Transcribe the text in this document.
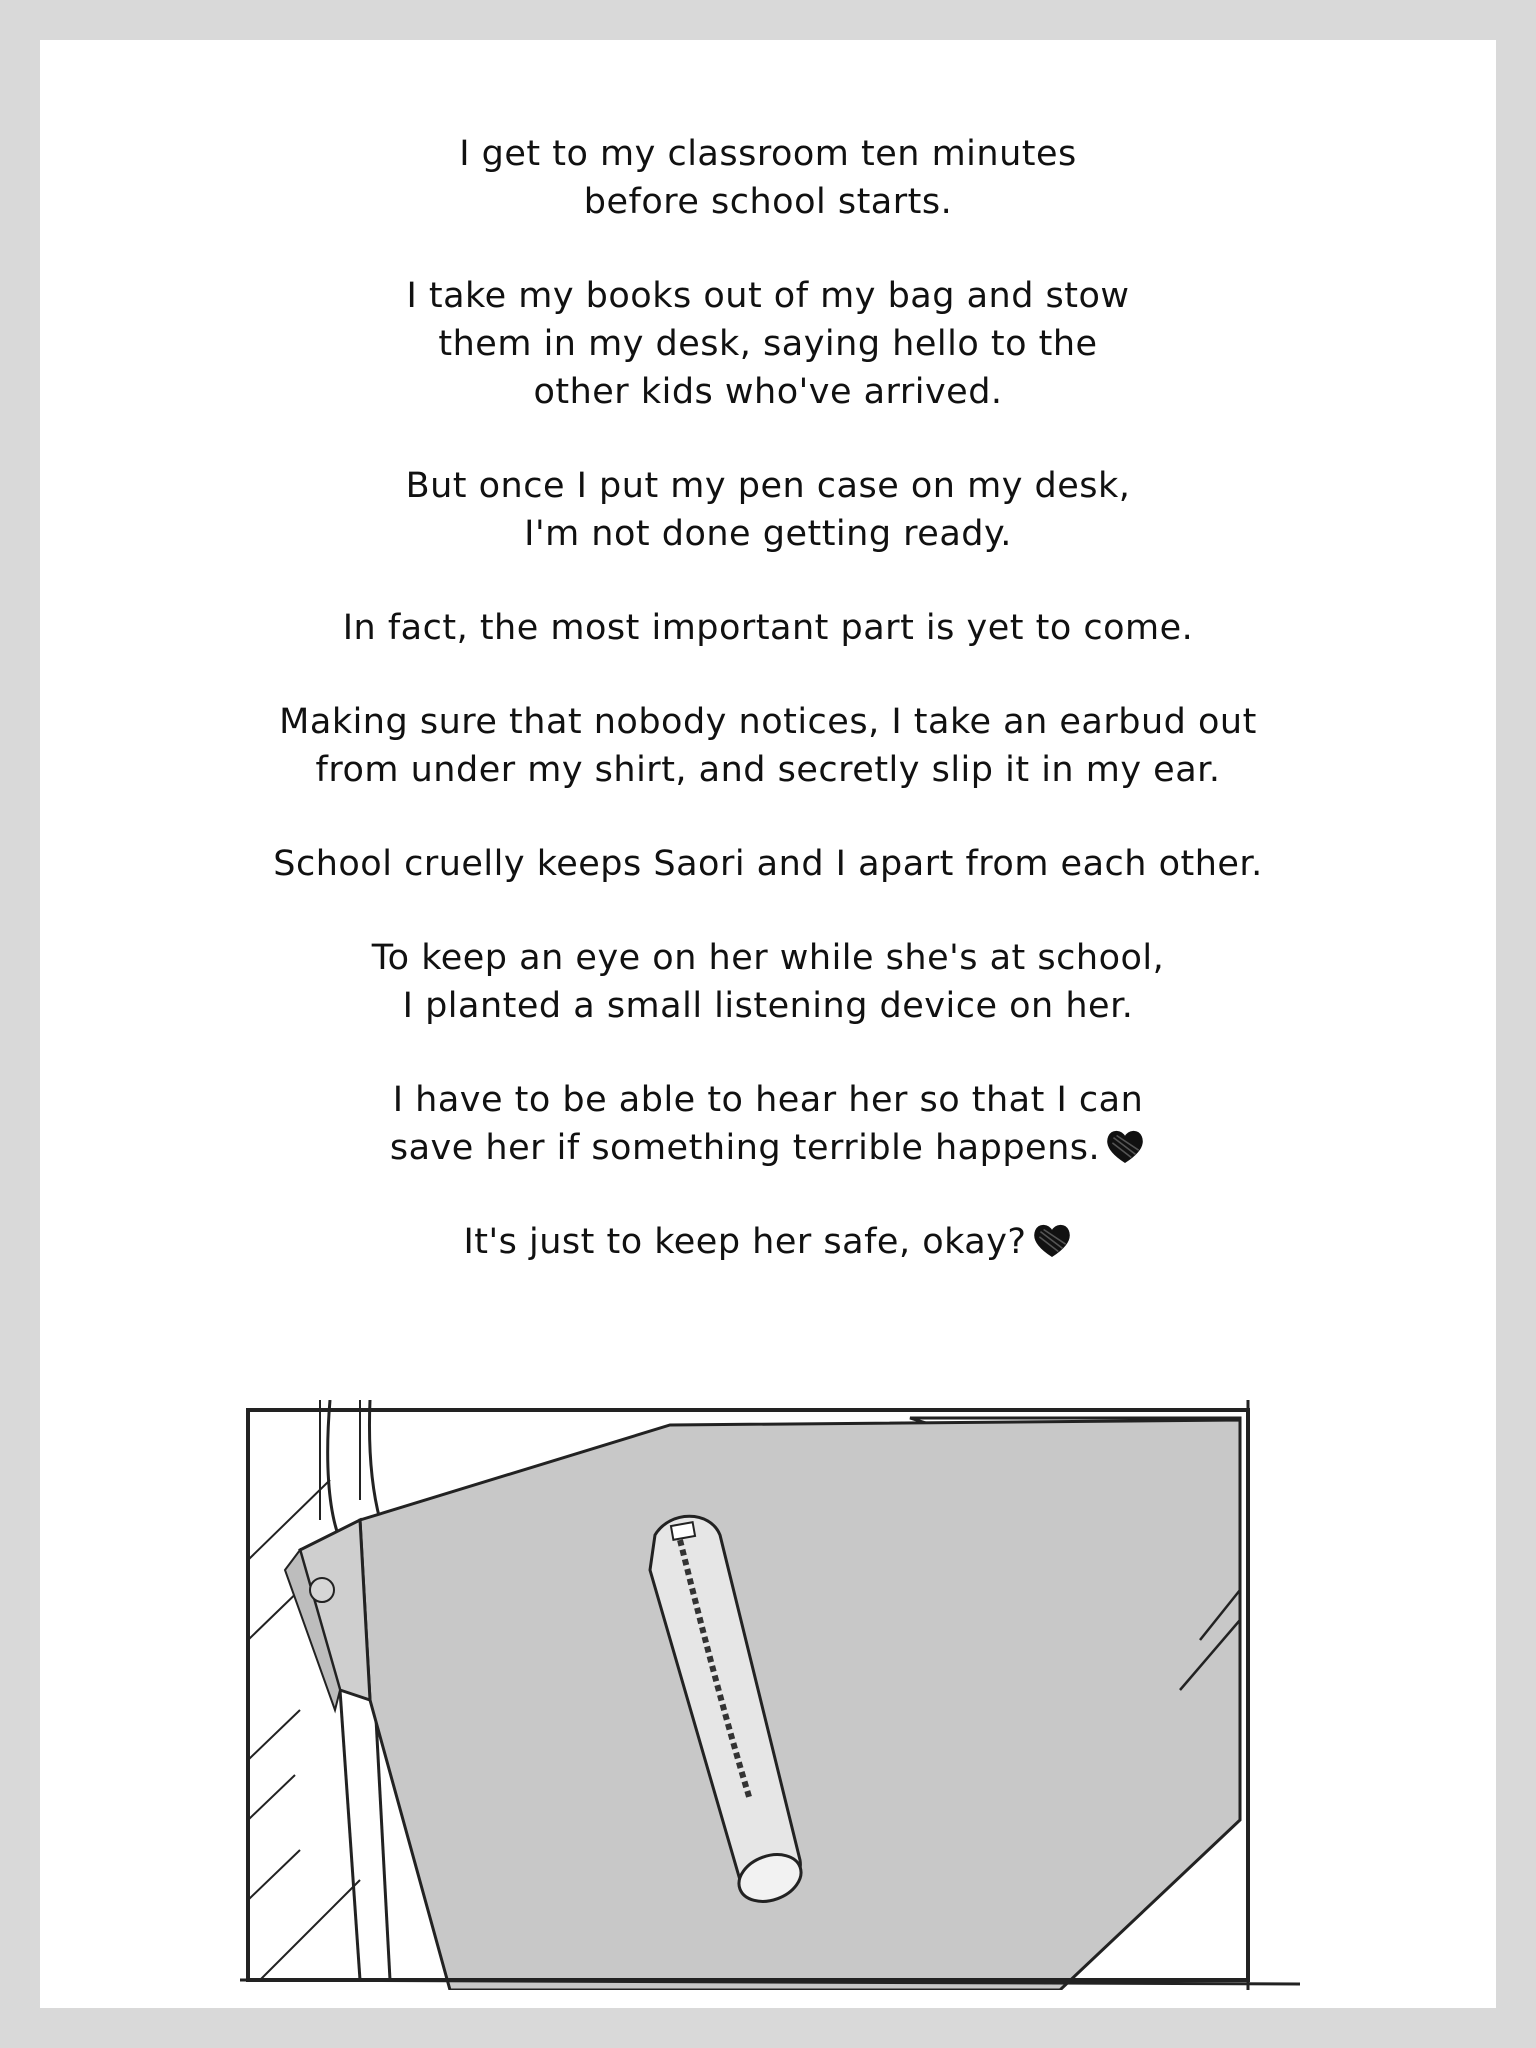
I get to my classroom ten minutes
before school starts.

I take my books out of my bag and stow
them in my desk, saying hello to the
other kids who've arrived.

But once I put my pen case on my desk,
I'm not done getting ready.

In fact, the most important part is yet to come.

Making sure that nobody notices, I take an earbud out
from under my shirt, and secretly slip it in my ear.

School cruelly keeps Saori and I apart from each other.

To keep an eye on her while she's at school,
I planted a small listening device on her.

I have to be able to hear her so that I can
save her if something terrible happens.

It's just to keep her safe, okay?
